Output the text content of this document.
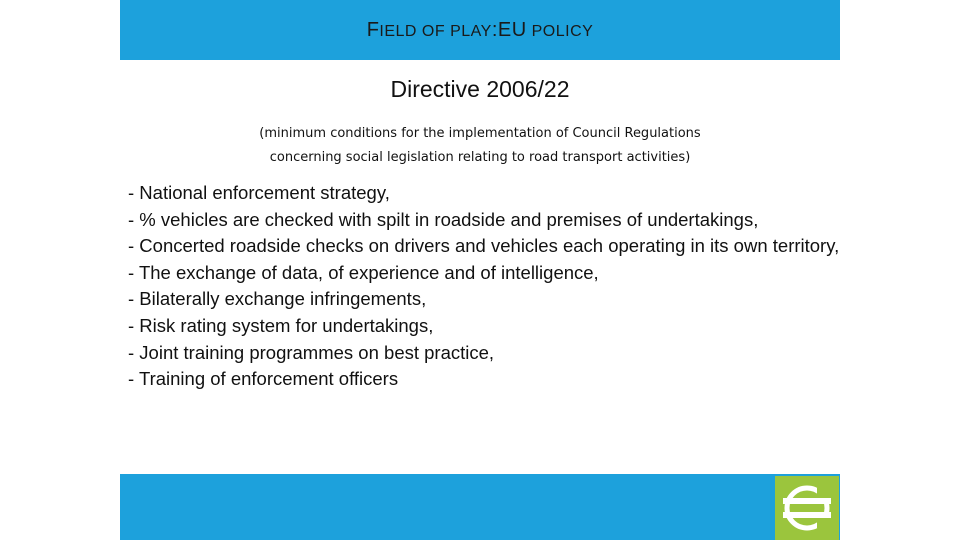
FIELD OF PLAY:EU POLICY
Directive 2006/22
(minimum conditions for the implementation of Council Regulations
concerning social legislation relating to road transport activities)
- National enforcement strategy,
- % vehicles are checked with spilt in roadside and premises of undertakings,
- Concerted roadside checks on drivers and vehicles each operating in its own territory,
- The exchange of data, of experience and of intelligence,
- Bilaterally exchange infringements,
- Risk rating system for undertakings,
- Joint training programmes on best practice,
- Training of enforcement officers
